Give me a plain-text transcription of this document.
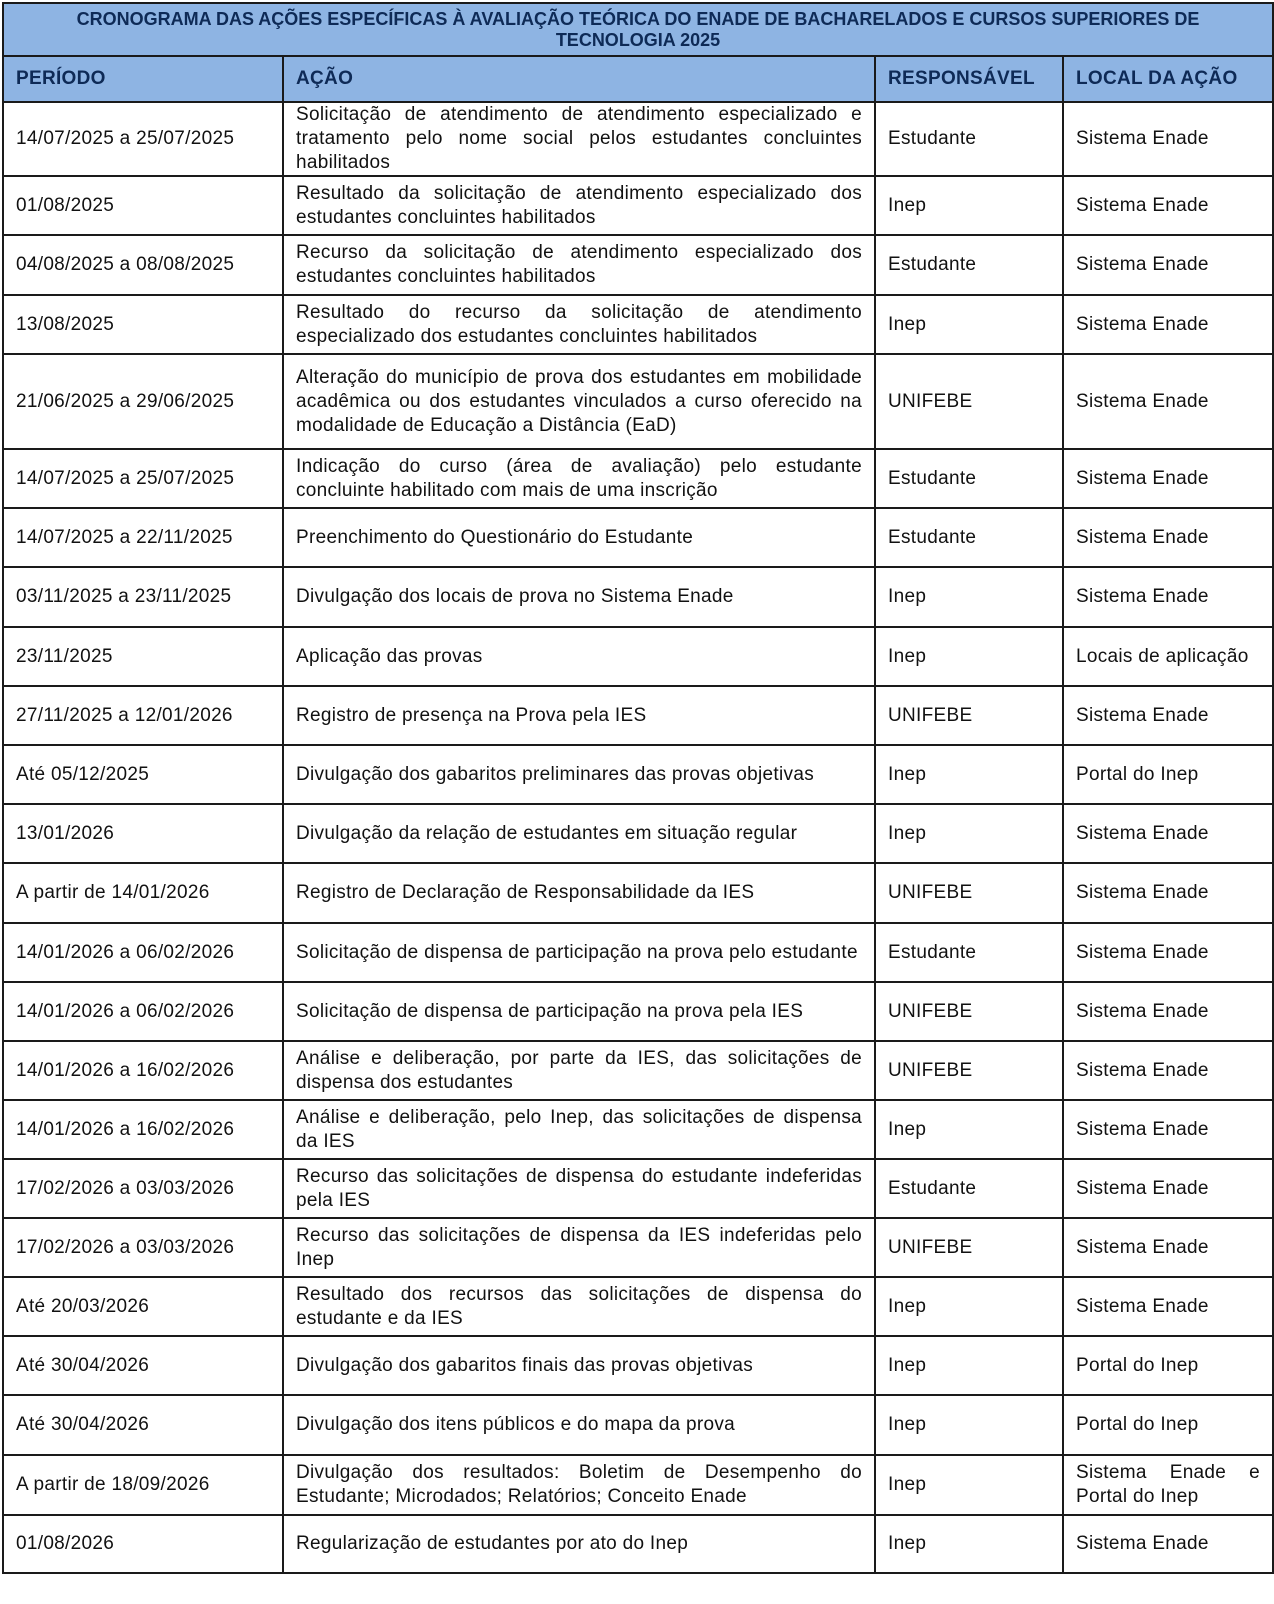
CRONOGRAMA DAS AÇÕES ESPECÍFICAS À AVALIAÇÃO TEÓRICA DO ENADE DE BACHARELADOS E CURSOS SUPERIORES DE TECNOLOGIA 2025			
PERÍODO	AÇÃO	RESPONSÁVEL	LOCAL DA AÇÃO
14/07/2025 a 25/07/2025	Solicitação de atendimento de atendimento especializado e tratamento pelo nome social pelos estudantes concluintes habilitados	Estudante	Sistema Enade
01/08/2025	Resultado da solicitação de atendimento especializado dos estudantes concluintes habilitados	Inep	Sistema Enade
04/08/2025 a 08/08/2025	Recurso da solicitação de atendimento especializado dos estudantes concluintes habilitados	Estudante	Sistema Enade
13/08/2025	Resultado do recurso da solicitação de atendimento especializado dos estudantes concluintes habilitados	Inep	Sistema Enade
21/06/2025 a 29/06/2025	Alteração do município de prova dos estudantes em mobilidade acadêmica ou dos estudantes vinculados a curso oferecido na modalidade de Educação a Distância (EaD)	UNIFEBE	Sistema Enade
14/07/2025 a 25/07/2025	Indicação do curso (área de avaliação) pelo estudante concluinte habilitado com mais de uma inscrição	Estudante	Sistema Enade
14/07/2025 a 22/11/2025	Preenchimento do Questionário do Estudante	Estudante	Sistema Enade
03/11/2025 a 23/11/2025	Divulgação dos locais de prova no Sistema Enade	Inep	Sistema Enade
23/11/2025	Aplicação das provas	Inep	Locais de aplicação
27/11/2025 a 12/01/2026	Registro de presença na Prova pela IES	UNIFEBE	Sistema Enade
Até 05/12/2025	Divulgação dos gabaritos preliminares das provas objetivas	Inep	Portal do Inep
13/01/2026	Divulgação da relação de estudantes em situação regular	Inep	Sistema Enade
A partir de 14/01/2026	Registro de Declaração de Responsabilidade da IES	UNIFEBE	Sistema Enade
14/01/2026 a 06/02/2026	Solicitação de dispensa de participação na prova pelo estudante	Estudante	Sistema Enade
14/01/2026 a 06/02/2026	Solicitação de dispensa de participação na prova pela IES	UNIFEBE	Sistema Enade
14/01/2026 a 16/02/2026	Análise e deliberação, por parte da IES, das solicitações de dispensa dos estudantes	UNIFEBE	Sistema Enade
14/01/2026 a 16/02/2026	Análise e deliberação, pelo Inep, das solicitações de dispensa da IES	Inep	Sistema Enade
17/02/2026 a 03/03/2026	Recurso das solicitações de dispensa do estudante indeferidas pela IES	Estudante	Sistema Enade
17/02/2026 a 03/03/2026	Recurso das solicitações de dispensa da IES indeferidas pelo Inep	UNIFEBE	Sistema Enade
Até 20/03/2026	Resultado dos recursos das solicitações de dispensa do estudante e da IES	Inep	Sistema Enade
Até 30/04/2026	Divulgação dos gabaritos finais das provas objetivas	Inep	Portal do Inep
Até 30/04/2026	Divulgação dos itens públicos e do mapa da prova	Inep	Portal do Inep
A partir de 18/09/2026	Divulgação dos resultados: Boletim de Desempenho do Estudante; Microdados; Relatórios; Conceito Enade	Inep	Sistema Enade e Portal do Inep
01/08/2026	Regularização de estudantes por ato do Inep	Inep	Sistema Enade
